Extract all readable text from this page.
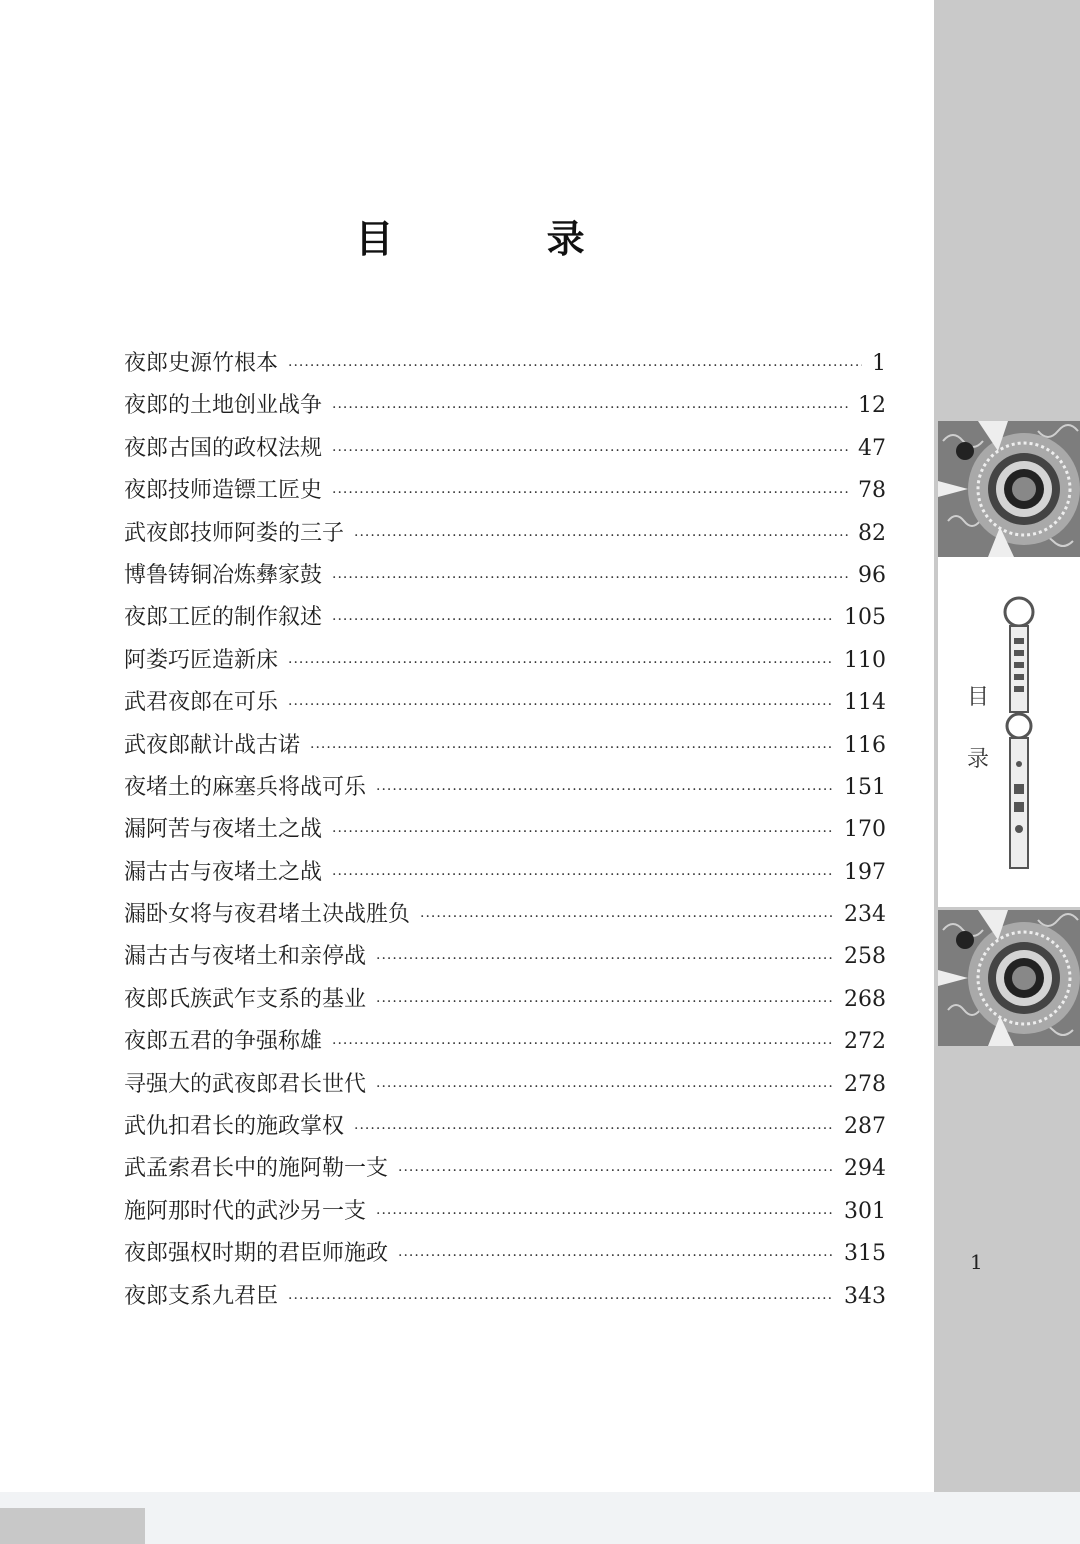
目 录
夜郎史源竹根本 ·····	1
夜郎的土地创业战争 ·····	12
夜郎古国的政权法规 ·····	47
夜郎技师造镖工匠史 ·····	78
武夜郎技师阿娄的三子 ·····	82
博鲁铸铜冶炼彝家鼓 ·····	96
夜郎工匠的制作叙述 ·····	105
阿娄巧匠造新床 ·····	110
武君夜郎在可乐 ·····	114
武夜郎献计战古诺 ·····	116
夜堵土的麻塞兵将战可乐 ·····	151
漏阿苦与夜堵土之战 ·····	170
漏古古与夜堵土之战 ·····	197
漏卧女将与夜君堵土决战胜负 ·····	234
漏古古与夜堵土和亲停战 ·····	258
夜郎氏族武乍支系的基业 ·····	268
夜郎五君的争强称雄 ·····	272
寻强大的武夜郎君长世代 ·····	278
武仇扣君长的施政掌权 ·····	287
武孟索君长中的施阿勒一支 ·····	294
施阿那时代的武沙另一支 ·····	301
夜郎强权时期的君臣师施政 ·····	315
夜郎支系九君臣 ·····	343
目
录
1
